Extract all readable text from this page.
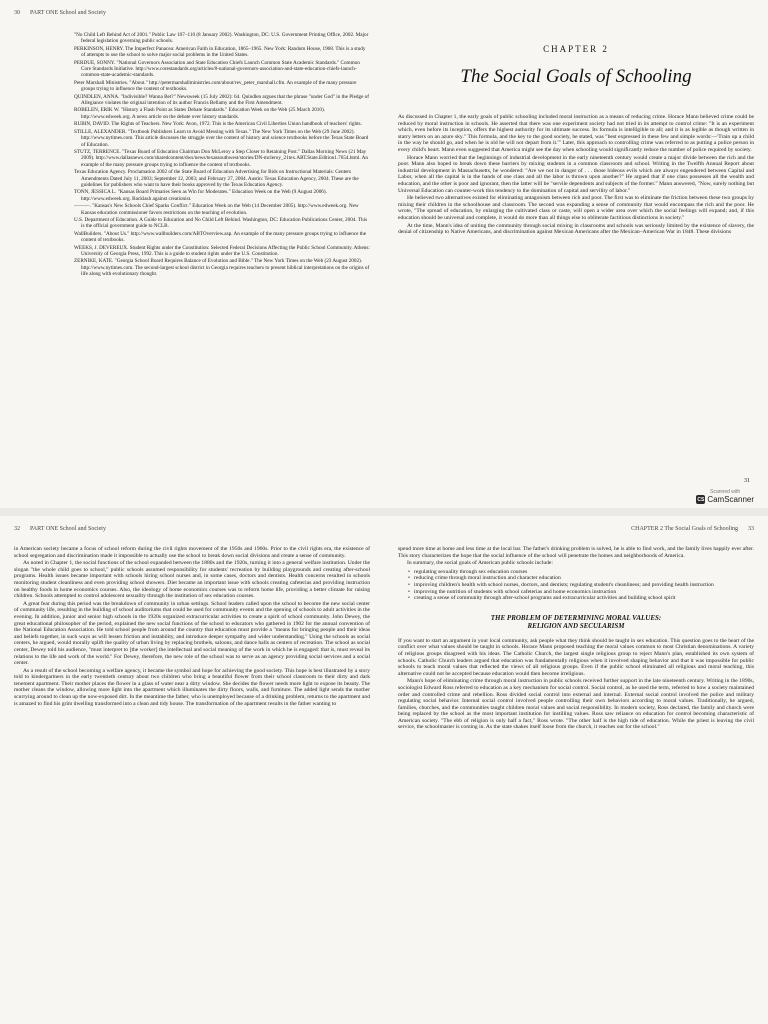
30 PART ONE School and Society

"No Child Left Behind Act of 2001." Public Law 107–110 (8 January 2002). Washington, DC: U.S. Government Printing Office, 2002. Major federal legislation governing public schools.

PERKINSON, HENRY. The Imperfect Panacea: American Faith in Education, 1865–1965. New York: Random House, 1968. This is a study of attempts to use the school to solve major social problems in the United States.

PERDUE, SONNY. "National Governors Association and State Education Chiefs Launch Common State Academic Standards." Common Core Standards Initiative. http://www.corestandards.org/articles/8-national-governors-association-and-state-education-chiefs-launch-common-state-academic-standards.

Peter Marshall Ministries. "About." http://petermarshallministries.com/about/rev_peter_marshall.cfm. An example of the many pressure groups trying to influence the content of textbooks.

QUINDLEN, ANNA. "Indivisible? Wanna Bet?" Newsweek (15 July 2002): 64. Quindlen argues that the phrase "under God" in the Pledge of Allegiance violates the original intention of its author Francis Bellamy and the First Amendment.

ROBELEN, ERIK W. "History a Flash Point as States Debate Standards." Education Week on the Web (25 March 2010). http://www.edweek.org. A news article on the debate over history standards.

RUBIN, DAVID. The Rights of Teachers. New York: Avon, 1972. This is the American Civil Liberties Union handbook of teachers' rights.

STILLE, ALEXANDER. "Textbook Publishers Learn to Avoid Messing with Texas." The New York Times on the Web (29 June 2002). http://www.nytimes.com. This article discusses the struggle over the content of history and science textbooks before the Texas State Board of Education.

STUTZ, TERRENCE. "Texas Board of Education Chairman Don McLeroy a Step Closer to Retaining Post." Dallas Morning News (21 May 2009). http://www.dallasnews.com/sharedcontent/dws/news/texassouthwest/stories/DN-mcleroy_21tex.ART.State.Edition1.7654.html. An example of the many pressure groups trying to influence the content of textbooks.

Texas Education Agency. Proclamation 2002 of the State Board of Education Advertising for Bids on Instructional Materials: Centers Amendments Dated July 11, 2003; September 12, 2003; and February 27, 2004. Austin: Texas Education Agency, 2004. These are the guidelines for publishers who want to have their books approved by the Texas Education Agency.

TONN, JESSICA L. "Kansas Board Primaries Seen as Win for Moderates." Education Week on the Web (9 August 2006). http://www.edweek.org. Backlash against creationist.

———. "Kansas's New Schools Chief Sparks Conflict." Education Week on the Web (14 December 2005). http://www.edweek.org. New Kansas education commissioner favors restrictions on the teaching of evolution.

U.S. Department of Education. A Guide to Education and No Child Left Behind. Washington, DC: Education Publications Center, 2004. This is the official government guide to NCLB.

WallBuilders. "About Us." http://www.wallbuilders.com/ABTOverview.asp. An example of the many pressure groups trying to influence the content of textbooks.

WEEKS, J. DEVEREUX. Student Rights under the Constitution: Selected Federal Decisions Affecting the Public School Community. Athens: University of Georgia Press, 1992. This is a guide to student rights under the U.S. Constitution.

ZERNIKE, KATE. "Georgia School Board Requires Balance of Evolution and Bible." The New York Times on the Web (23 August 2002). http://www.nytimes.com. The second-largest school district in Georgia requires teachers to present biblical interpretations on the origins of life along with evolutionary thought.

CHAPTER 2
The Social Goals of Schooling

As discussed in Chapter 1, the early goals of public schooling included moral instruction as a means of reducing crime. Horace Mann believed crime could be reduced by moral instruction in schools. He asserted that there was one experiment society had not tried in its attempt to control crime: "It is an experiment which, even before its inception, offers the highest authority for its ultimate success. Its formula is intelligible to all; and it is as legible as though written in starry letters on an azure sky." This formula, and the key to the good society, he stated, was "best expressed in these few and simple words:—'Train up a child in the way he should go, and when he is old he will not depart from it.'" Later, this approach to controlling crime was referred to as putting a police person in every child's heart. Mann even suggested that America might see the day when schooling would significantly reduce the number of police required by society.

Horace Mann worried that the beginnings of industrial development in the early nineteenth century would create a major divide between the rich and the poor. Mann also hoped to break down these barriers by mixing students in a common classroom and school. Writing in the Twelfth Annual Report about industrial development in Massachusetts, he wondered: "Are we not in danger of . . . those hideous evils which are always engendered between Capital and Labor, when all the capital is in the hands of one class and all the labor is thrown upon another?" He argued that if one class possesses all the wealth and education, and the other is poor and ignorant, then the latter will be "servile dependents and subjects of the former." Mann answered, "Now, surely nothing but Universal Education can counter-work this tendency to the domination of capital and servility of labor."

He believed two alternatives existed for eliminating antagonism between rich and poor. The first was to eliminate the friction between these two groups by mixing their children in the schoolhouse and classroom. The second was expanding a sense of community that would encompass the rich and the poor. He wrote, "The spread of education, by enlarging the cultivated class or caste, will open a wider area over which the social feelings will expand; and, if this education should be universal and complete, it would do more than all things else to obliterate factitious distinctions in society."

At the time, Mann's idea of uniting the community through social mixing in classrooms and schools was seriously limited by the existence of slavery, the denial of citizenship to Native Americans, and discrimination against Mexican Americans after the Mexican–American War in 1848. These divisions

31
Scanned with
CS CamScanner
32 PART ONE School and Society

in American society became a focus of school reform during the civil rights movement of the 1950s and 1960s. Prior to the civil rights era, the existence of school segregation and discrimination made it impossible to actually use the school to break down social divisions and create a sense of community.

As noted in Chapter 1, the social functions of the school expanded between the 1880s and the 1920s, turning it into a general welfare institution. Under the slogan "the whole child goes to school," public schools assumed responsibility for students' recreation by building playgrounds and creating after-school programs. Health issues became important with schools hiring school nurses and, in some cases, doctors and dentists. Health concerns resulted in schools monitoring student cleanliness and even providing school showers. Diet became an important issue with schools creating cafeterias and providing instruction on healthy foods in home economics courses. Also, the ideology of home economics courses was to reform home life, providing a better climate for raising children. Schools attempted to control adolescent sexuality through the institution of sex education courses.

A great fear during this period was the breakdown of community in urban settings. School leaders called upon the school to become the new social center of community life, resulting in the building of school auditoriums that could be used for community events and the opening of schools to adult activities in the evening. In addition, junior and senior high schools in the 1920s organized extracurricular activities to create a spirit of school community. John Dewey, the great educational philosopher of the period, explained the new social functions of the school to educators who gathered in 1902 for the annual convention of the National Education Association. He told school people from around the country that education must provide a "means for bringing people and their ideas and beliefs together, in such ways as will lessen friction and instability, and introduce deeper sympathy and wider understanding." Using the schools as social centers, he argued, would morally uplift the quality of urban living by replacing brothels, saloons, and dance halls as centers of recreation. The school as social center, Dewey told his audience, "must interpret to [the worker] the intellectual and social meaning of the work in which he is engaged: that is, must reveal its relations to the life and work of the world." For Dewey, therefore, the new role of the school was to serve as an agency providing social services and a social center.

As a result of the school becoming a welfare agency, it became the symbol and hope for achieving the good society. This hope is best illustrated by a story told to kindergartners in the early twentieth century about two children who bring a beautiful flower from their school classroom to their dirty and dark tenement apartment. Their mother places the flower in a glass of water near a dirty window. She decides the flower needs more light to expose its beauty. The mother cleans the window, allowing more light into the apartment which illuminates the dirty floors, walls, and furniture. The added light sends the mother scurrying around to clean up the now-exposed dirt. In the meantime the father, who is unemployed because of a drinking problem, returns to the apartment and is amazed to find his grim dwelling transformed into a clean and tidy house. The transformation of the apartment results in the father wanting to

CHAPTER 2 The Social Goals of Schooling 33

spend more time at home and less time at the local bar. The father's drinking problem is solved, he is able to find work, and the family lives happily ever after. This story characterizes the hope that the social influence of the school will penetrate the homes and neighborhoods of America.

In summary, the social goals of American public schools include:

• regulating sexuality through sex education courses
• reducing crime through moral instruction and character education
• improving children's health with school nurses, doctors, and dentists; regulating student's cleanliness; and providing health instruction
• improving the nutrition of students with school cafeterias and home economics instruction
• creating a sense of community through after-school programs and extracurricular activities and building school spirit
THE PROBLEM OF DETERMINING MORAL VALUES:
RELIGION AND SECULARISM

If you want to start an argument in your local community, ask people what they think should be taught in sex education. This question goes to the heart of the conflict over what values should be taught in schools. Horace Mann proposed teaching the moral values common to most Christian denominations. A variety of religious groups disagreed with his ideas. The Catholic Church, the largest single religious group to reject Mann's plan, established its own system of schools. Catholic Church leaders argued that education was fundamentally religious when it involved shaping behavior and that it was impossible for public schools to teach moral values that reflected the views of all religious groups. Even if the public school eliminated all religious and moral teaching, this alternative could not be accepted because education would then become irreligious.

Mann's hope of eliminating crime through moral instruction in public schools received further support in the late nineteenth century. Writing in the 1890s, sociologist Edward Ross referred to education as a key mechanism for social control. Social control, as he used the term, referred to how a society maintained order and controlled crime and rebellion. Ross divided social control into external and internal. External social control involved the police and military regulating social behavior. Internal social control involved people controlling their own behaviors according to moral values. Traditionally, he argued, families, churches, and the communities taught children moral values and social responsibility. In modern society, Ross declared, the family and church were being replaced by the school as the most important institution for instilling values. Ross saw reliance on education for control becoming characteristic of American society. "The ebb of religion is only half a fact," Ross wrote. "The other half is the high tide of education. While the priest is leaving the civil service, the schoolmaster is coming in. As the state shakes itself loose from the church, it reaches out for the school."
